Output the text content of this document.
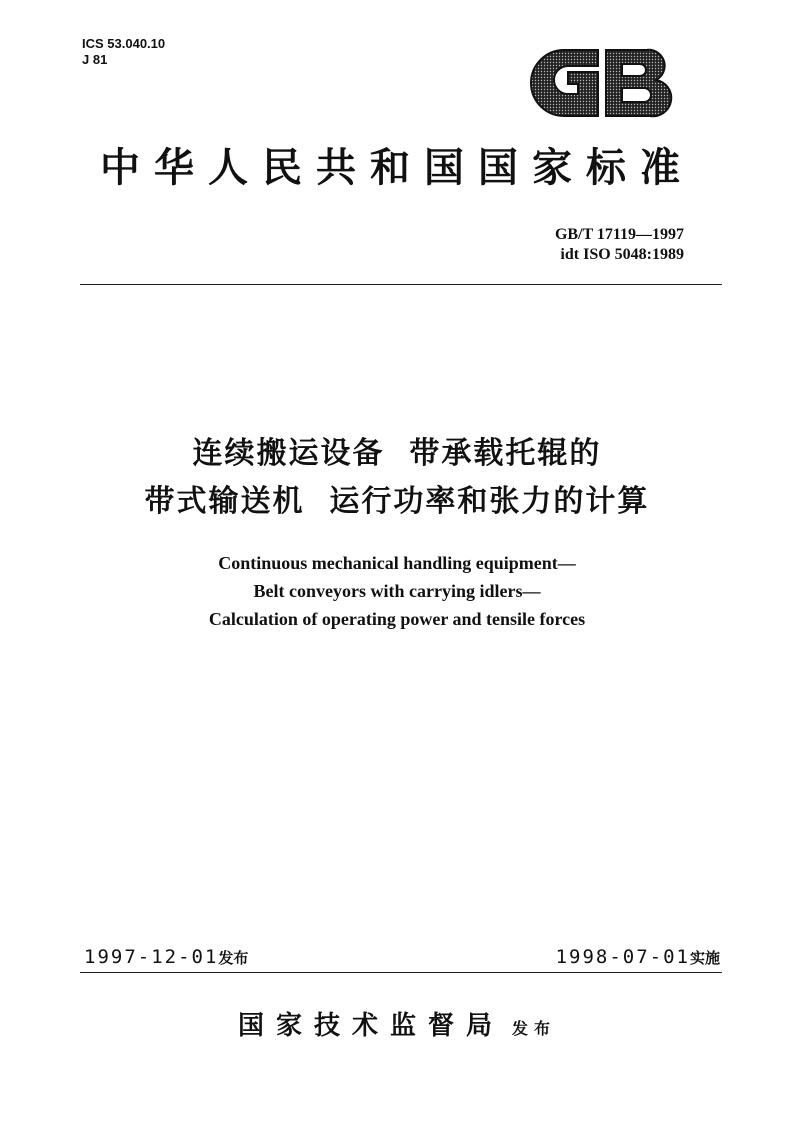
ICS 53.040.10
J 81
中华人民共和国国家标准
GB/T 17119—1997
idt ISO 5048:1989
连续搬运设备  带承载托辊的
带式输送机  运行功率和张力的计算
Continuous mechanical handling equipment—
Belt conveyors with carrying idlers—
Calculation of operating power and tensile forces
1997-12-01发布	1998-07-01实施
国家技术监督局 发布
